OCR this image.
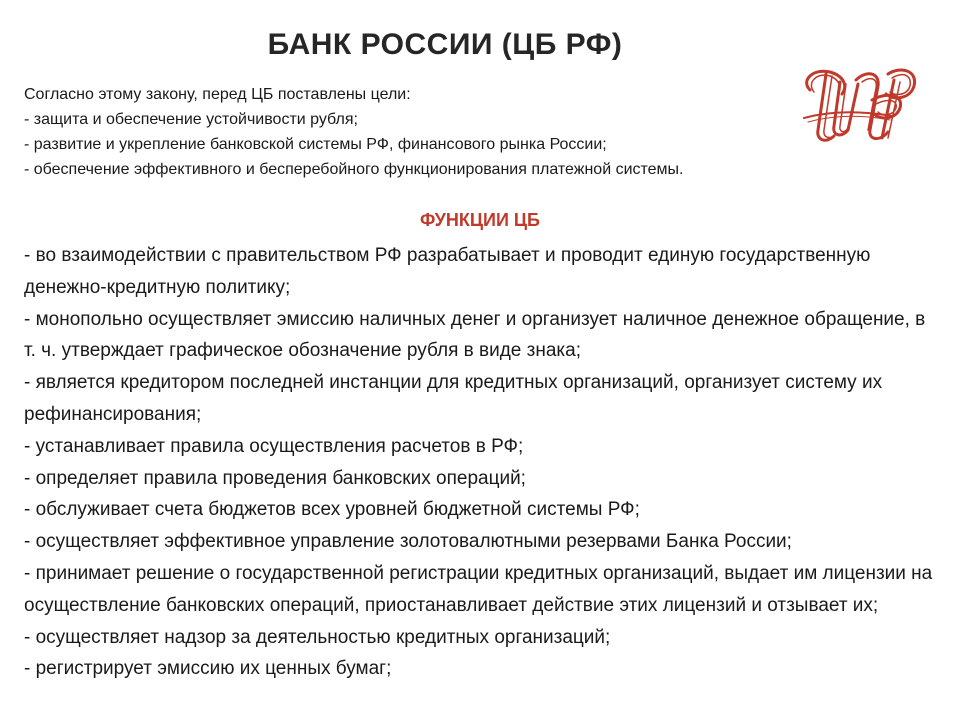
БАНК РОССИИ (ЦБ РФ)
Согласно этому закону, перед ЦБ поставлены цели:
- защита и обеспечение устойчивости рубля;
- развитие и укрепление банковской системы РФ, финансового рынка России;
- обеспечение эффективного и бесперебойного функционирования платежной системы.
ФУНКЦИИ ЦБ
- во взаимодействии с правительством РФ разрабатывает и проводит единую государственную денежно-кредитную политику;
- монопольно осуществляет эмиссию наличных денег и организует наличное денежное обращение, в т. ч. утверждает графическое обозначение рубля в виде знака;
- является кредитором последней инстанции для кредитных организаций, организует систему их рефинансирования;
- устанавливает правила осуществления расчетов в РФ;
- определяет правила проведения банковских операций;
- обслуживает счета бюджетов всех уровней бюджетной системы РФ;
- осуществляет эффективное управление золотовалютными резервами Банка России;
- принимает решение о государственной регистрации кредитных организаций, выдает им лицензии на осуществление банковских операций, приостанавливает действие этих лицензий и отзывает их;
- осуществляет надзор за деятельностью кредитных организаций;
- регистрирует эмиссию их ценных бумаг;
